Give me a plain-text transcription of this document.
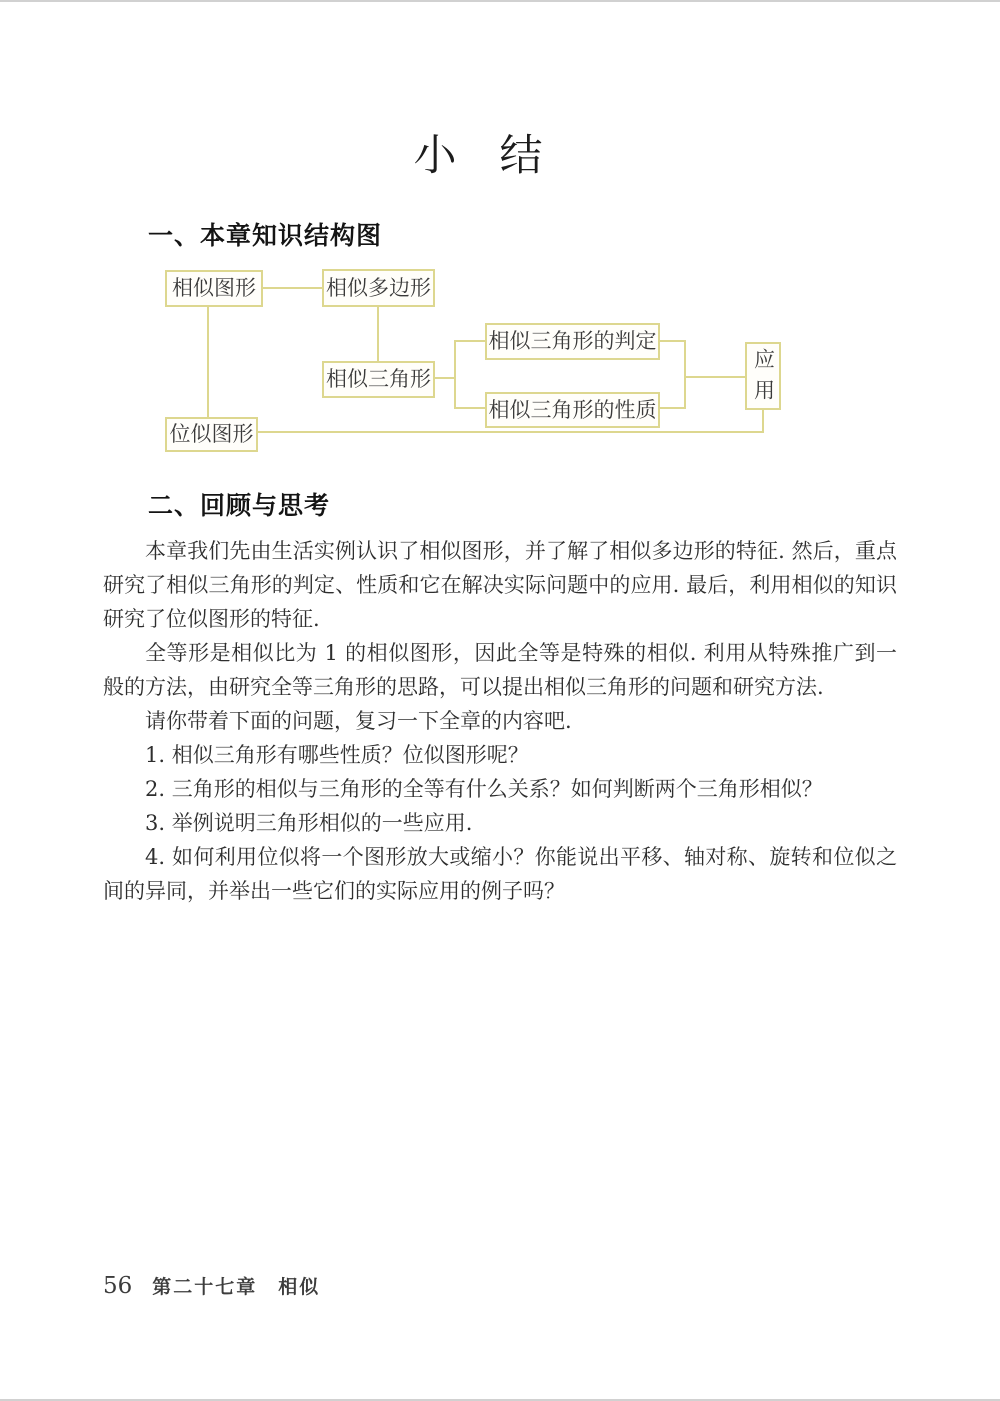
小　结
一、本章知识结构图
相似图形	相似多边形
相似三角形
相似三角形的判定
相似三角形的性质	应用
位似图形
二、回顾与思考

本章我们先由生活实例认识了相似图形，并了解了相似多边形的特征. 然后，重点研究了相似三角形的判定、性质和它在解决实际问题中的应用. 最后，利用相似的知识研究了位似图形的特征.

全等形是相似比为 1 的相似图形，因此全等是特殊的相似. 利用从特殊推广到一般的方法，由研究全等三角形的思路，可以提出相似三角形的问题和研究方法.

请你带着下面的问题，复习一下全章的内容吧.

1. 相似三角形有哪些性质？位似图形呢？

2. 三角形的相似与三角形的全等有什么关系？如何判断两个三角形相似？

3. 举例说明三角形相似的一些应用.

4. 如何利用位似将一个图形放大或缩小？你能说出平移、轴对称、旋转和位似之间的异同，并举出一些它们的实际应用的例子吗？

56 第二十七章　相似
